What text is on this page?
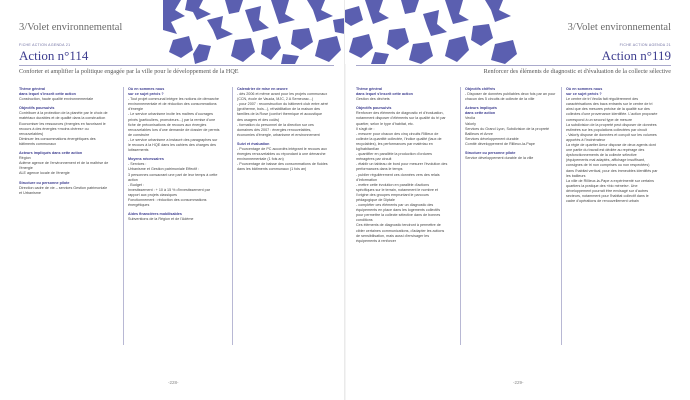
3/Volet environnemental
FICHE ACTION AGENDA 21
Action n°114
Conforter et amplifier la politique engagée par la ville pour le développement de la HQE
Thème général
dans lequel s'inscrit cette action

Construction, haute qualité environnementale

Objectifs poursuivis

Contribuer à la protection de la planète par le choix de matériaux durables et de qualité dans la construction

Economiser les ressources (énergies en favorisant le recours à des énergies «moins chères» ou renouvelables)

Diminuer les consommations énergétiques des bâtiments communaux

Acteurs impliqués dans cette action

Région

Adème agence de l'environnement et de la maîtrise de l'énergie

ALE agence locale de l'énergie

Structure ou personne pilote

Direction cadre de vie – services Gestion patrimoniale et Urbanisme

Où en sommes nous
sur ce sujet précis ?

- Tout projet communal intègre les notions de démarche environnementale et de réduction des consommations d'énergie

- Le service urbanisme incite les maîtres d'ouvrages privés (particuliers, promoteurs...) par la remise d'une fiche de préconisations de recours aux énergies renouvelables lors d'une demande de dossier de permis de construire

- Le service urbanisme a instauré des paragraphes sur le recours à la HQE dans les cahiers des charges des lotissements

Moyens nécessaires

- Services :

Urbanisme et Gestion patrimoniale Effectif :

3 personnes consacrant une part de leur temps à cette action

- Budget :

Investissement : + 10 à 15 % d'investissement par rapport aux projets classiques

Fonctionnement : réduction des consommations énergétiques

Aides financières mobilisables

Subventions de la Région et de l'Adème

Calendrier de mise en œuvre

- dès 2006 et même avant pour les projets communaux (CCN, école de Vaucia, MJC, 2 A Semeurac...)

- pour 2007 : reconstruction du bâtiment club entre aéré (grotherme, bois...), réhabilitation de la maison des familles de la Rose (confort thermique et acoustique des usagers et des coûts)

- formation du personnel de la direction sur ces domaines dès 2007 : énergies renouvelables, économies d'énergie, urbanisme et environnement

Suivi et évaluation

- Pourcentage de PC accordés intégrant le recours aux énergies renouvelables ou répondant à une démarche environnementale (1 fois an)

- Pourcentage de baisse des consommations de fluides dans les bâtiments communaux (1 fois an)

-228-
3/Volet environnemental
FICHE ACTION AGENDA 21
Action n°119
Renforcer des éléments de diagnostic et d'évaluation de la collecte sélective
Thème général
dans lequel s'inscrit cette action

Gestion des déchets

Objectifs poursuivis

Renforcer des éléments de diagnostic et d'évaluation, notamment disposer d'éléments sur la qualité du tri par quartier, selon le type d'habitat, etc.

Il s'agit de :

- mesurer pour chacun des cinq circuits Rillieux de collecte la quantité collectée, l'indice qualité (taux de recyclables), les performances par matériau en kg/habitant/an

- quantifier en parallèle la production d'ordures ménagères par circuit

- établir un tableau de bord pour mesurer l'évolution des performances dans le temps

- publier régulièrement ces données vers des relais d'information

- mettre cette évolution en parallèle d'actions spécifiques sur le terrain, notamment le nombre et l'origine des groupes empruntant le parcours pédagogique de Diptale

- compléter ces éléments par un diagnostic des équipements en place dans les logements collectifs pour permettre la collecte sélective dans de bonnes conditions

Ces éléments de diagnostic tendront à permettre de cibler certaines communications, d'adapter les actions de sensibilisation, mais aussi d'envisager les équipements à renforcer

Objectifs chiffrés

- Disposer de données publiables deux fois par an pour chacun des 5 circuits de collecte de la ville

Acteurs impliqués
dans cette action

Veolia

Valorly

Services du Grand Lyon, Subdivision de la propreté

Bailleurs et Amre

Services développement durable

Comité développement de Rillieux-la-Pape

Structure ou personne pilote

Service développement durable de la ville

Où en sommes nous
sur ce sujet précis ?

Le centre de tri Veolia fait régulièrement des caractérisations des bacs entrants sur le centre de tri ainsi que des mesures précise de la qualité sur des collectes d'une provenance identifiée. L'action proposée correspond à un second type de mesure

La subdivision de la propreté peut disposer de données estimées sur les populations collectées par circuit

- Valorly dispose de données et conçoit sur les volumes apportés à l'incinérateur

La régie de quartier Amur dispose de deux agents dont une partie du travail est dédiée au repérage des dysfonctionnements de la collecte sélective (équipements mal adaptés, affichage insuffisant, consignes de tri non comprises ou non respectées) dans l'habitat vertical, pour des immeubles identifiés par les bailleurs

La ville de Rillieux-la-Pape a expérimenté sur certains quartiers la pratique des «bio ménets». Une développement pourrait être envisagé sur d'autres secteurs, notamment pour l'habitat collectif dans le cadre d'opérations de renouvellement urbain

-229-
